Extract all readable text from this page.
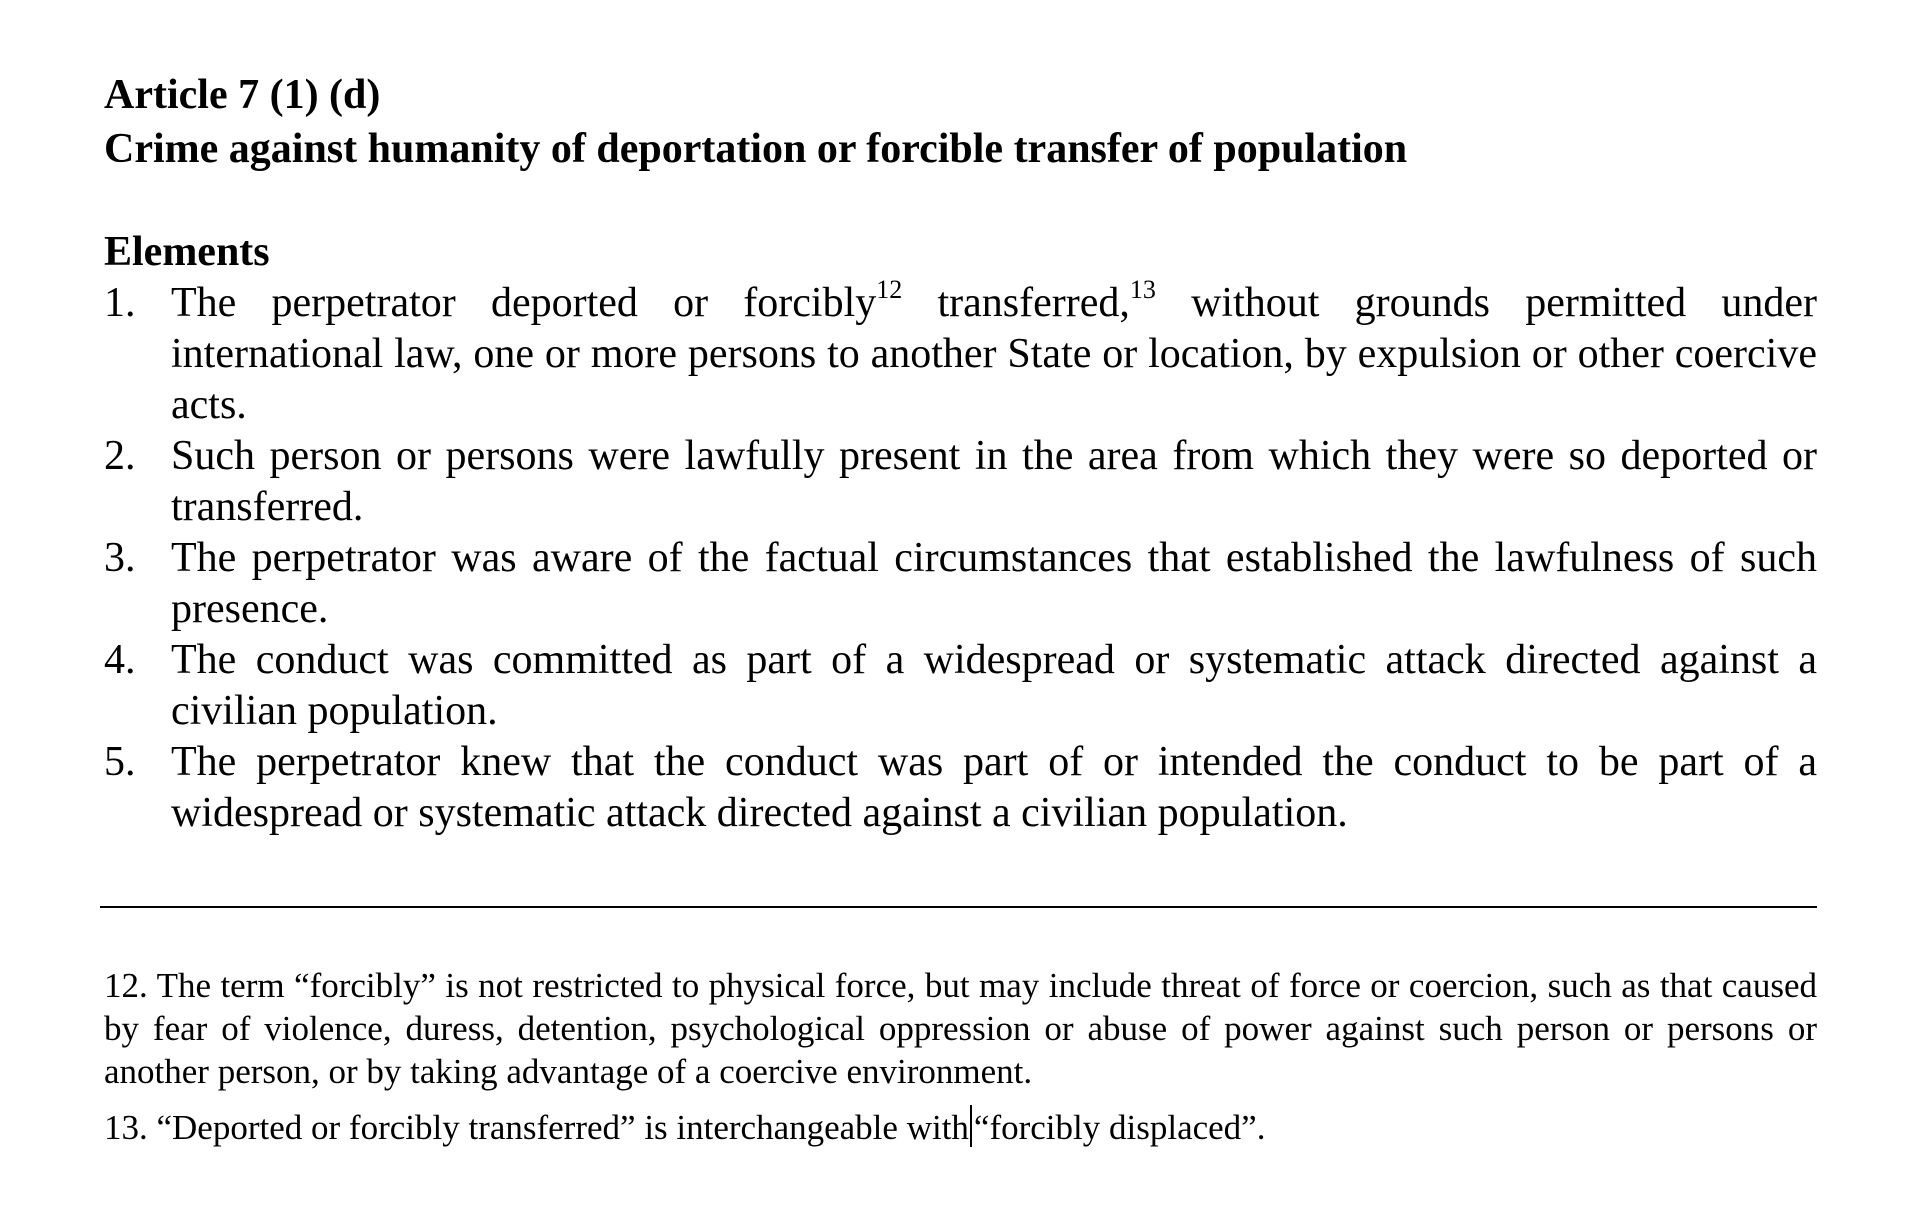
Article 7 (1) (d)

Crime against humanity of deportation or forcible transfer of population

Elements

1. The perpetrator deported or forcibly$^{12}$ transferred,$^{13}$ without grounds permitted under international law, one or more persons to another State or location, by expulsion or other coercive acts.
2. Such person or persons were lawfully present in the area from which they were so deported or transferred.
3. The perpetrator was aware of the factual circumstances that established the lawfulness of such presence.
4. The conduct was committed as part of a widespread or systematic attack directed against a civilian population.
5. The perpetrator knew that the conduct was part of or intended the conduct to be part of a widespread or systematic attack directed against a civilian population.

12. The term “forcibly” is not restricted to physical force, but may include threat of force or coercion, such as that caused by fear of violence, duress, detention, psychological oppression or abuse of power against such person or persons or another person, or by taking advantage of a coercive environment.

13. “Deported or forcibly transferred” is interchangeable with “forcibly displaced”.
